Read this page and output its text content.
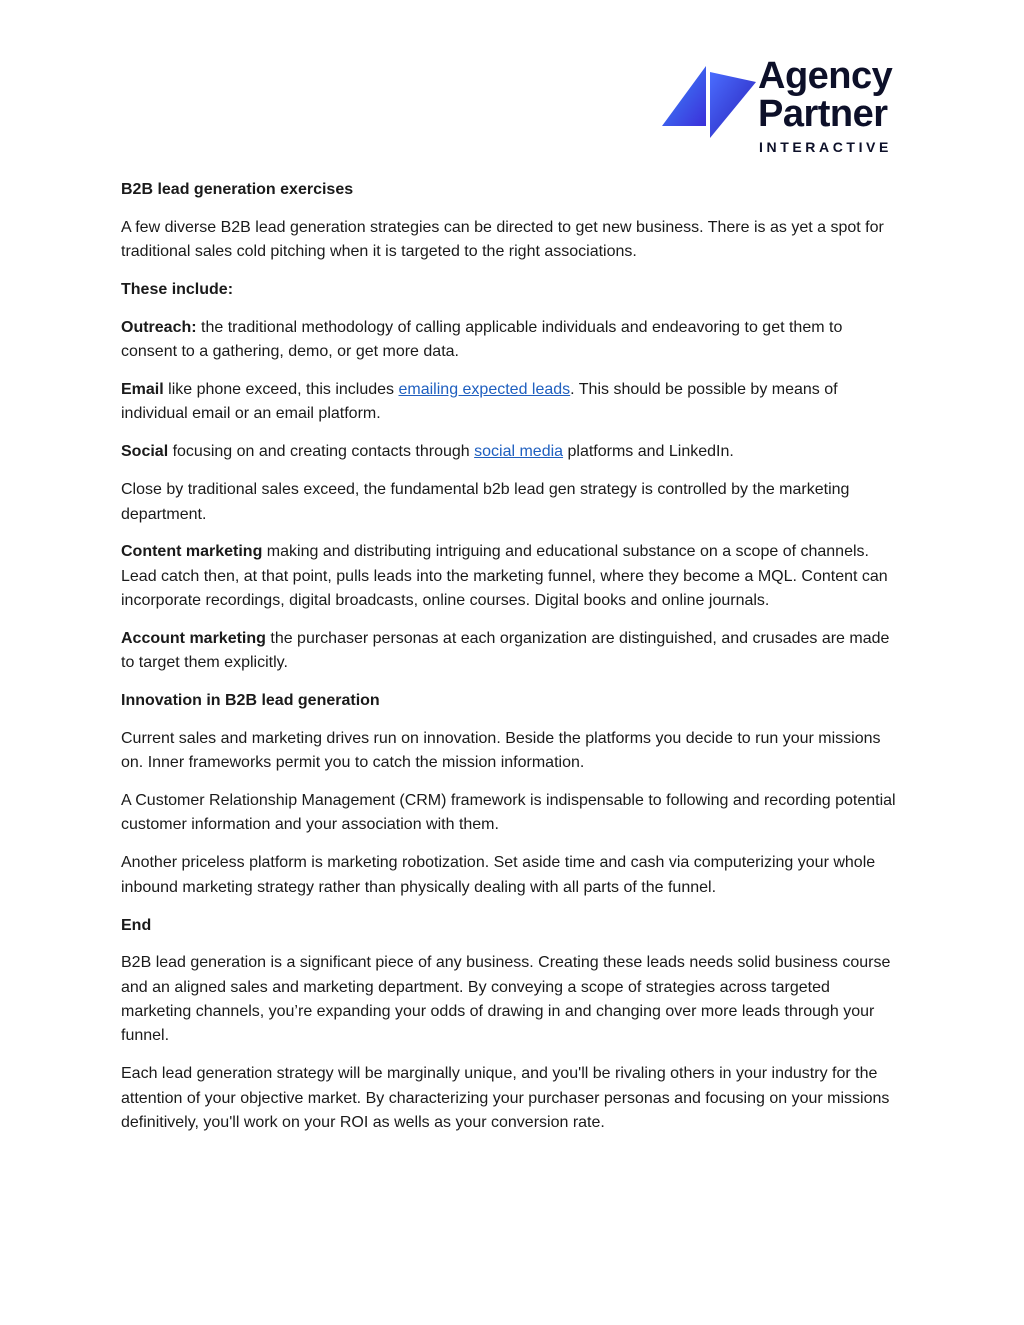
Agency
Partner
INTERACTIVE

B2B lead generation exercises

A few diverse B2B lead generation strategies can be directed to get new business. There is as yet a spot for traditional sales cold pitching when it is targeted to the right associations.

These include:

Outreach: the traditional methodology of calling applicable individuals and endeavoring to get them to consent to a gathering, demo, or get more data.

Email like phone exceed, this includes emailing expected leads. This should be possible by means of individual email or an email platform.

Social focusing on and creating contacts through social media platforms and LinkedIn.

Close by traditional sales exceed, the fundamental b2b lead gen strategy is controlled by the marketing department.

Content marketing making and distributing intriguing and educational substance on a scope of channels. Lead catch then, at that point, pulls leads into the marketing funnel, where they become a MQL. Content can incorporate recordings, digital broadcasts, online courses. Digital books and online journals.

Account marketing the purchaser personas at each organization are distinguished, and crusades are made to target them explicitly.

Innovation in B2B lead generation

Current sales and marketing drives run on innovation. Beside the platforms you decide to run your missions on. Inner frameworks permit you to catch the mission information.

A Customer Relationship Management (CRM) framework is indispensable to following and recording potential customer information and your association with them.

Another priceless platform is marketing robotization. Set aside time and cash via computerizing your whole inbound marketing strategy rather than physically dealing with all parts of the funnel.

End

B2B lead generation is a significant piece of any business. Creating these leads needs solid business course and an aligned sales and marketing department. By conveying a scope of strategies across targeted marketing channels, you’re expanding your odds of drawing in and changing over more leads through your funnel.

Each lead generation strategy will be marginally unique, and you'll be rivaling others in your industry for the attention of your objective market. By characterizing your purchaser personas and focusing on your missions definitively, you'll work on your ROI as wells as your conversion rate.
